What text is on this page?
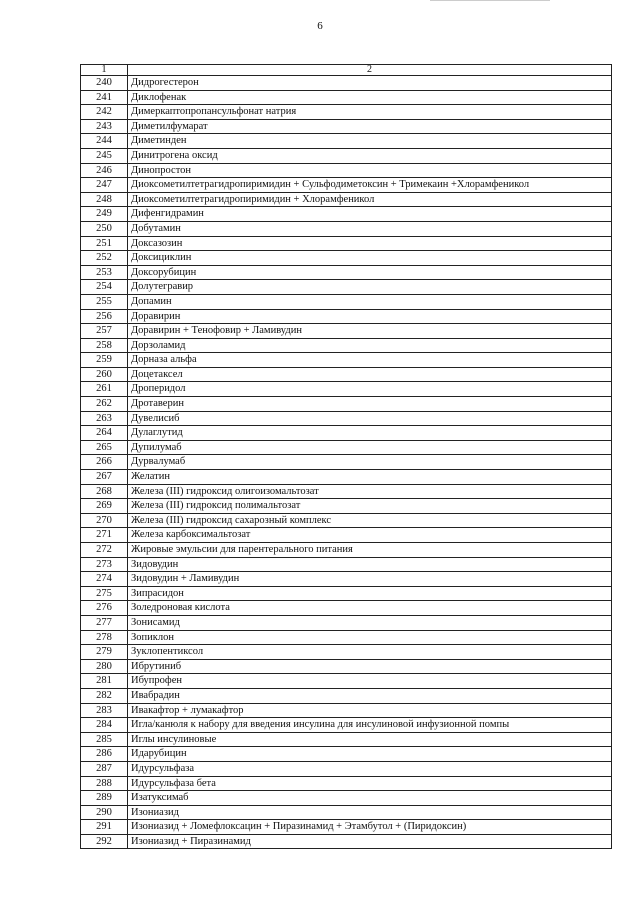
6
1	2
240	Дидрогестерон
241	Диклофенак
242	Димеркаптопропансульфонат натрия
243	Диметилфумарат
244	Диметинден
245	Динитрогена оксид
246	Динопростон
247	Диоксометилтетрагидропиримидин + Сульфодиметоксин + Тримекаин +Хлорамфеникол
248	Диоксометилтетрагидропиримидин + Хлорамфеникол
249	Дифенгидрамин
250	Добутамин
251	Доксазозин
252	Доксициклин
253	Доксорубицин
254	Долутегравир
255	Допамин
256	Доравирин
257	Доравирин + Тенофовир + Ламивудин
258	Дорзоламид
259	Дорназа альфа
260	Доцетаксел
261	Дроперидол
262	Дротаверин
263	Дувелисиб
264	Дулаглутид
265	Дупилумаб
266	Дурвалумаб
267	Желатин
268	Железа (III) гидроксид олигоизомальтозат
269	Железа (III) гидроксид полимальтозат
270	Железа (III) гидроксид сахарозный комплекс
271	Железа карбоксимальтозат
272	Жировые эмульсии для парентерального питания
273	Зидовудин
274	Зидовудин + Ламивудин
275	Зипрасидон
276	Золедроновая кислота
277	Зонисамид
278	Зопиклон
279	Зуклопентиксол
280	Ибрутиниб
281	Ибупрофен
282	Ивабрадин
283	Ивакафтор + лумакафтор
284	Игла/канюля к набору для введения инсулина для инсулиновой инфузионной помпы
285	Иглы инсулиновые
286	Идарубицин
287	Идурсульфаза
288	Идурсульфаза бета
289	Изатуксимаб
290	Изониазид
291	Изониазид + Ломефлоксацин + Пиразинамид + Этамбутол + (Пиридоксин)
292	Изониазид + Пиразинамид
